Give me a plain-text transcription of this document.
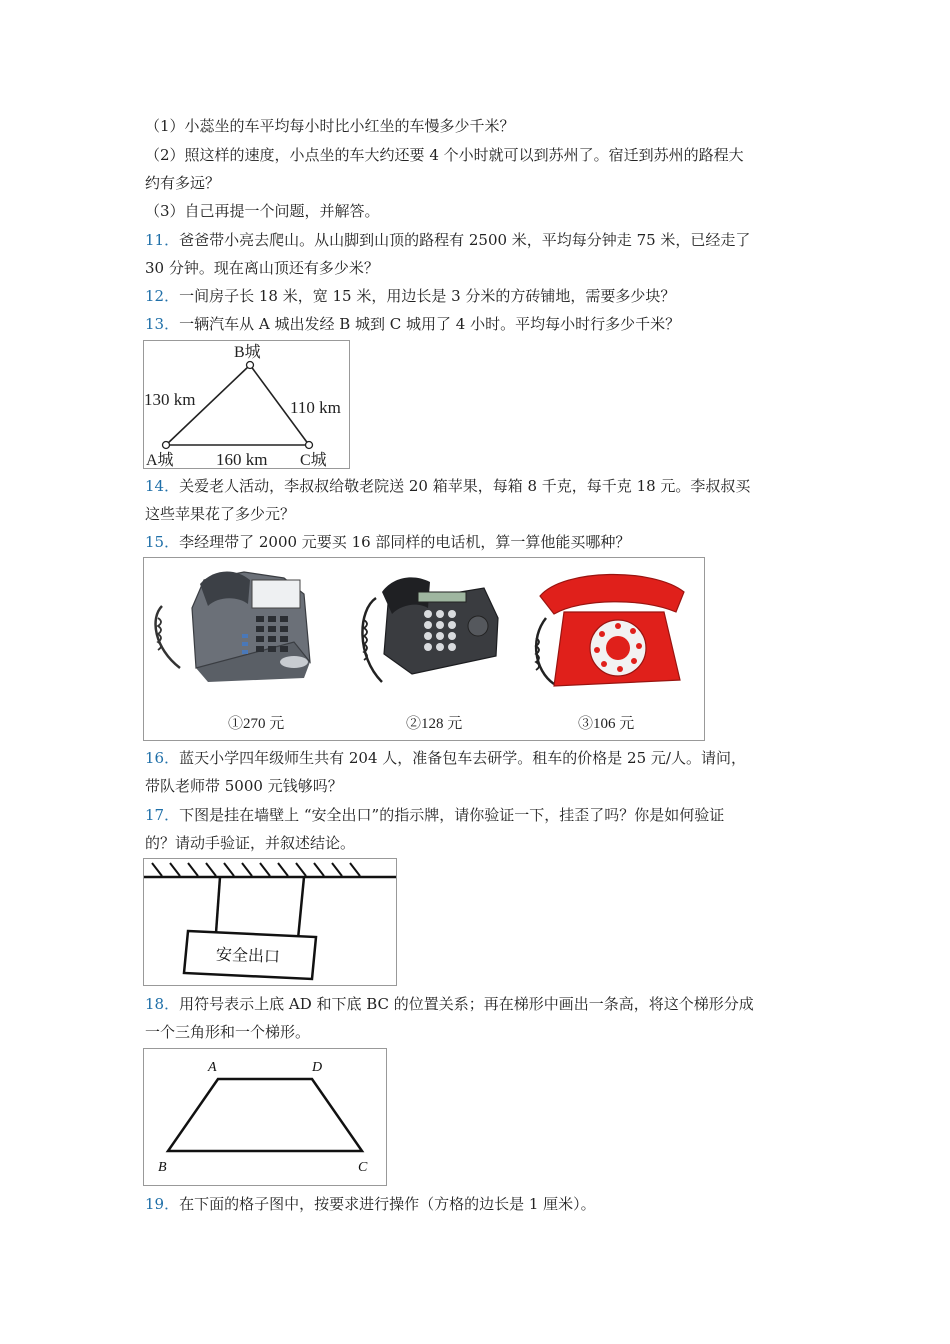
（1）小蕊坐的车平均每小时比小红坐的车慢多少千米？
（2）照这样的速度，小点坐的车大约还要 4 个小时就可以到苏州了。宿迁到苏州的路程大
约有多远？
（3）自己再提一个问题，并解答。
11．爸爸带小亮去爬山。从山脚到山顶的路程有 2500 米，平均每分钟走 75 米，已经走了
30 分钟。现在离山顶还有多少米？
12．一间房子长 18 米，宽 15 米，用边长是 3 分米的方砖铺地，需要多少块？
13．一辆汽车从 A 城出发经 B 城到 C 城用了 4 小时。平均每小时行多少千米？
B城
A城	C城
130 km	110 km
160 km
14．关爱老人活动，李叔叔给敬老院送 20 箱苹果，每箱 8 千克，每千克 18 元。李叔叔买
这些苹果花了多少元？
15．李经理带了 2000 元要买 16 部同样的电话机，算一算他能买哪种？
①270 元	②128 元	③106 元
16．蓝天小学四年级师生共有 204 人，准备包车去研学。租车的价格是 25 元/人。请问，
带队老师带 5000 元钱够吗？
17．下图是挂在墙壁上 “安全出口”的指示牌，请你验证一下，挂歪了吗？你是如何验证
的？请动手验证，并叙述结论。
安全出口
18．用符号表示上底 AD 和下底 BC 的位置关系；再在梯形中画出一条高，将这个梯形分成
一个三角形和一个梯形。
A	D
B	C
19．在下面的格子图中，按要求进行操作（方格的边长是 1 厘米）。
